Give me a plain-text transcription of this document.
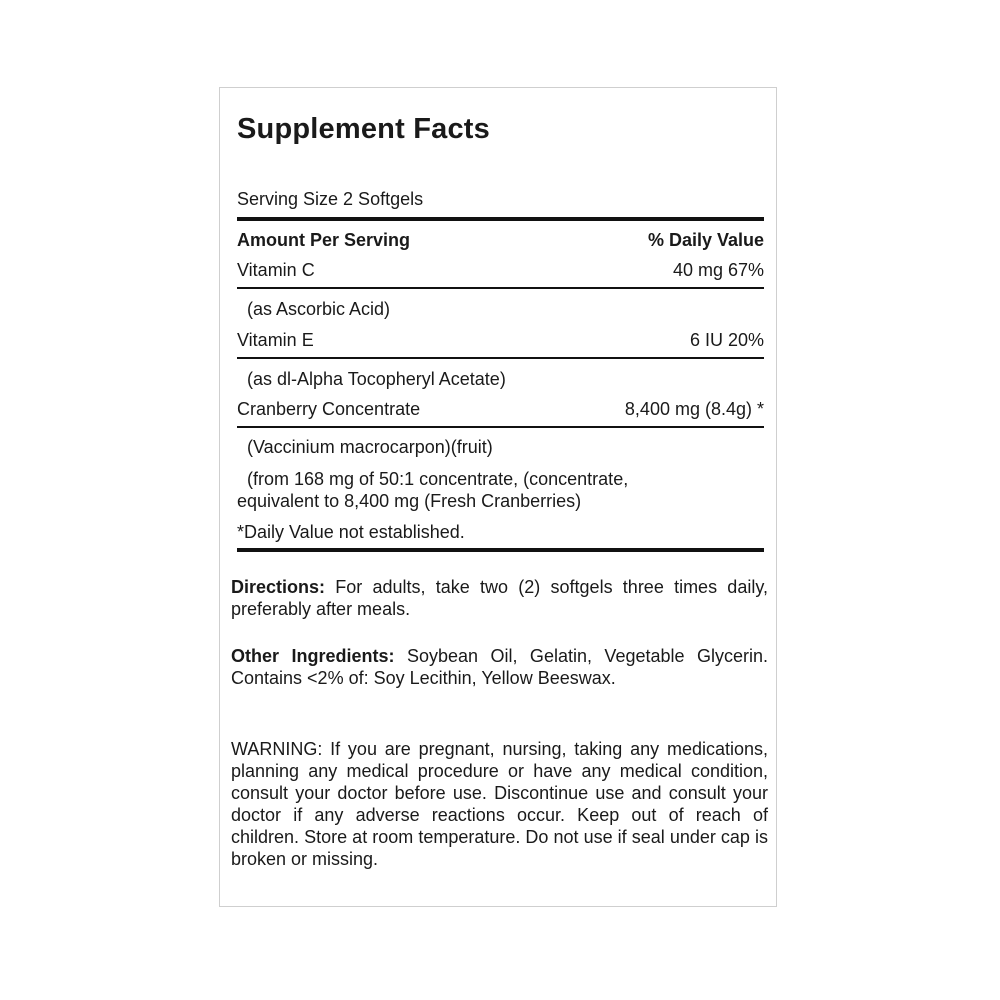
Supplement Facts
Serving Size 2 Softgels
Amount Per Serving	% Daily Value
Vitamin C	40 mg 67%
(as Ascorbic Acid)
Vitamin E	6 IU 20%
(as dl-Alpha Tocopheryl Acetate)
Cranberry Concentrate	8,400 mg (8.4g) *
(Vaccinium macrocarpon)(fruit)
(from 168 mg of 50:1 concentrate, (concentrate,
equivalent to 8,400 mg (Fresh Cranberries)
*Daily Value not established.

Directions: For adults, take two (2) softgels three times daily, preferably after meals.

Other Ingredients: Soybean Oil, Gelatin, Vegetable Glycerin. Contains <2% of: Soy Lecithin, Yellow Beeswax.

WARNING: If you are pregnant, nursing, taking any medications, planning any medical procedure or have any medical condition, consult your doctor before use. Discontinue use and consult your doctor if any adverse reactions occur. Keep out of reach of children. Store at room temperature. Do not use if seal under cap is broken or missing.
